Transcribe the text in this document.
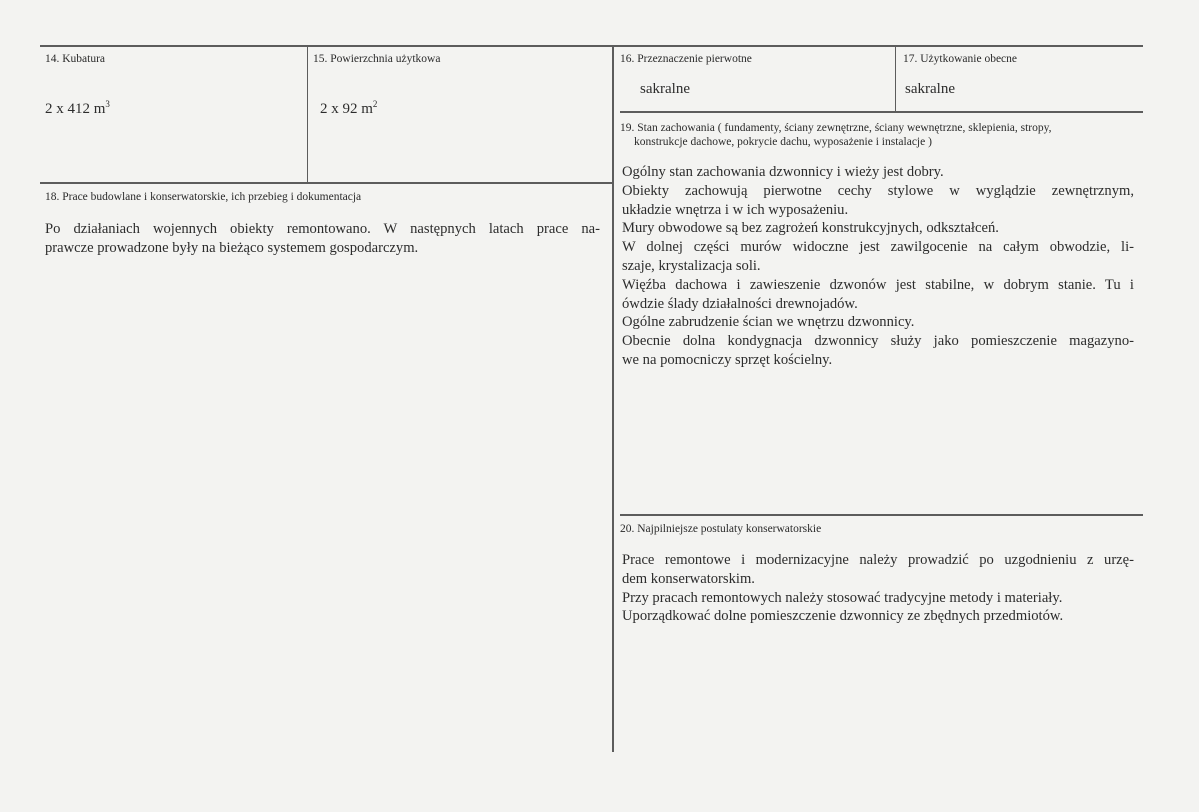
14. Kubatura
2 x 412 $m^3$
15. Powierzchnia użytkowa
2 x 92 $m^2$
16. Przeznaczenie pierwotne
sakralne
17. Użytkowanie obecne
sakralne
18. Prace budowlane i konserwatorskie, ich przebieg i dokumentacja

Po działaniach wojennych obiekty remontowano. W następnych latach prace na-

prawcze prowadzone były na bieżąco systemem gospodarczym.

19. Stan zachowania ( fundamenty, ściany zewnętrzne, ściany wewnętrzne, sklepienia, stropy,
konstrukcje dachowe, pokrycie dachu, wyposażenie i instalacje )

Ogólny stan zachowania dzwonnicy i wieży jest dobry.

Obiekty zachowują pierwotne cechy stylowe w wyglądzie zewnętrznym,

układzie wnętrza i w ich wyposażeniu.

Mury obwodowe są bez zagrożeń konstrukcyjnych, odkształceń.

W dolnej części murów widoczne jest zawilgocenie na całym obwodzie, li-

szaje, krystalizacja soli.

Więźba dachowa i zawieszenie dzwonów jest stabilne, w dobrym stanie. Tu i

ówdzie ślady działalności drewnojadów.

Ogólne zabrudzenie ścian we wnętrzu dzwonnicy.

Obecnie dolna kondygnacja dzwonnicy służy jako pomieszczenie magazyno-

we na pomocniczy sprzęt kościelny.

20. Najpilniejsze postulaty konserwatorskie

Prace remontowe i modernizacyjne należy prowadzić po uzgodnieniu z urzę-

dem konserwatorskim.

Przy pracach remontowych należy stosować tradycyjne metody i materiały.

Uporządkować dolne pomieszczenie dzwonnicy ze zbędnych przedmiotów.
